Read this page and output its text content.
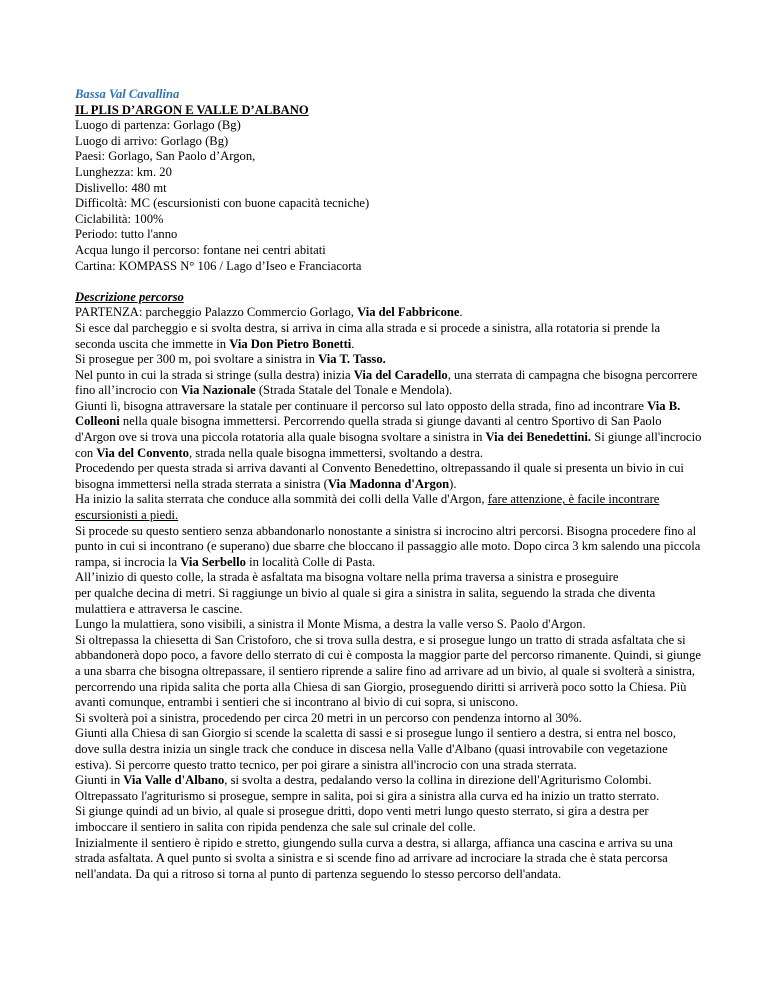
Bassa Val Cavallina
IL PLIS D’ARGON E VALLE D’ALBANO
Luogo di partenza: Gorlago (Bg)
Luogo di arrivo: Gorlago (Bg)
Paesi: Gorlago, San Paolo d’Argon,
Lunghezza: km. 20
Dislivello: 480 mt
Difficoltà: MC (escursionisti con buone capacità tecniche)
Ciclabilità: 100%
Periodo: tutto l'anno
Acqua lungo il percorso: fontane nei centri abitati
Cartina: KOMPASS N° 106 / Lago d’Iseo e Franciacorta
Descrizione percorso
PARTENZA: parcheggio Palazzo Commercio Gorlago, Via del Fabbricone.
Si esce dal parcheggio e si svolta destra, si arriva in cima alla strada e si procede a sinistra, alla rotatoria si prende la seconda uscita che immette in Via Don Pietro Bonetti.
Si prosegue per 300 m, poi svoltare a sinistra in Via T. Tasso.
Nel punto in cui la strada si stringe (sulla destra) inizia Via del Caradello, una sterrata di campagna che bisogna percorrere fino all’incrocio con Via Nazionale (Strada Statale del Tonale e Mendola).
Giunti lì, bisogna attraversare la statale per continuare il percorso sul lato opposto della strada, fino ad incontrare Via B. Colleoni nella quale bisogna immettersi. Percorrendo quella strada si giunge davanti al centro Sportivo di San Paolo d'Argon ove si trova una piccola rotatoria alla quale bisogna svoltare a sinistra in Via dei Benedettini. Si giunge all'incrocio con Via del Convento, strada nella quale bisogna immettersi, svoltando a destra.
Procedendo per questa strada si arriva davanti al Convento Benedettino, oltrepassando il quale si presenta un bivio in cui bisogna immettersi nella strada sterrata a sinistra (Via Madonna d'Argon).
Ha inizio la salita sterrata che conduce alla sommità dei colli della Valle d'Argon, fare attenzione, è facile incontrare escursionisti a piedi.
Si procede su questo sentiero senza abbandonarlo nonostante a sinistra si incrocino altri percorsi. Bisogna procedere fino al punto in cui si incontrano (e superano) due sbarre che bloccano il passaggio alle moto. Dopo circa 3 km salendo una piccola rampa, si incrocia la Via Serbello in località Colle di Pasta.
All’inizio di questo colle, la strada è asfaltata ma bisogna voltare nella prima traversa a sinistra e proseguire
per qualche decina di metri. Si raggiunge un bivio al quale si gira a sinistra in salita, seguendo la strada che diventa mulattiera e attraversa le cascine.
Lungo la mulattiera, sono visibili, a sinistra il Monte Misma, a destra la valle verso S. Paolo d'Argon.
Si oltrepassa la chiesetta di San Cristoforo, che si trova sulla destra, e si prosegue lungo un tratto di strada asfaltata che si abbandonerà dopo poco, a favore dello sterrato di cui è composta la maggior parte del percorso rimanente. Quindi, si giunge a una sbarra che bisogna oltrepassare, il sentiero riprende a salire fino ad arrivare ad un bivio, al quale si svolterà a sinistra, percorrendo una ripida salita che porta alla Chiesa di san Giorgio, proseguendo diritti si arriverà poco sotto la Chiesa. Più avanti comunque, entrambi i sentieri che si incontrano al bivio di cui sopra, si uniscono.
Si svolterà poi a sinistra, procedendo per circa 20 metri in un percorso con pendenza intorno al 30%.
Giunti alla Chiesa di san Giorgio si scende la scaletta di sassi e si prosegue lungo il sentiero a destra, si entra nel bosco, dove sulla destra inizia un single track che conduce in discesa nella Valle d'Albano (quasi introvabile con vegetazione estiva). Si percorre questo tratto tecnico, per poi girare a sinistra all'incrocio con una strada sterrata.
Giunti in Via Valle d'Albano, si svolta a destra, pedalando verso la collina in direzione dell'Agriturismo Colombi.
Oltrepassato l'agriturismo si prosegue, sempre in salita, poi si gira a sinistra alla curva ed ha inizio un tratto sterrato.
Si giunge quindi ad un bivio, al quale si prosegue dritti, dopo venti metri lungo questo sterrato, si gira a destra per imboccare il sentiero in salita con ripida pendenza che sale sul crinale del colle.
Inizialmente il sentiero è ripido e stretto, giungendo sulla curva a destra, si allarga, affianca una cascina e arriva su una strada asfaltata. A quel punto si svolta a sinistra e si scende fino ad arrivare ad incrociare la strada che è stata percorsa nell'andata. Da qui a ritroso si torna al punto di partenza seguendo lo stesso percorso dell'andata.
